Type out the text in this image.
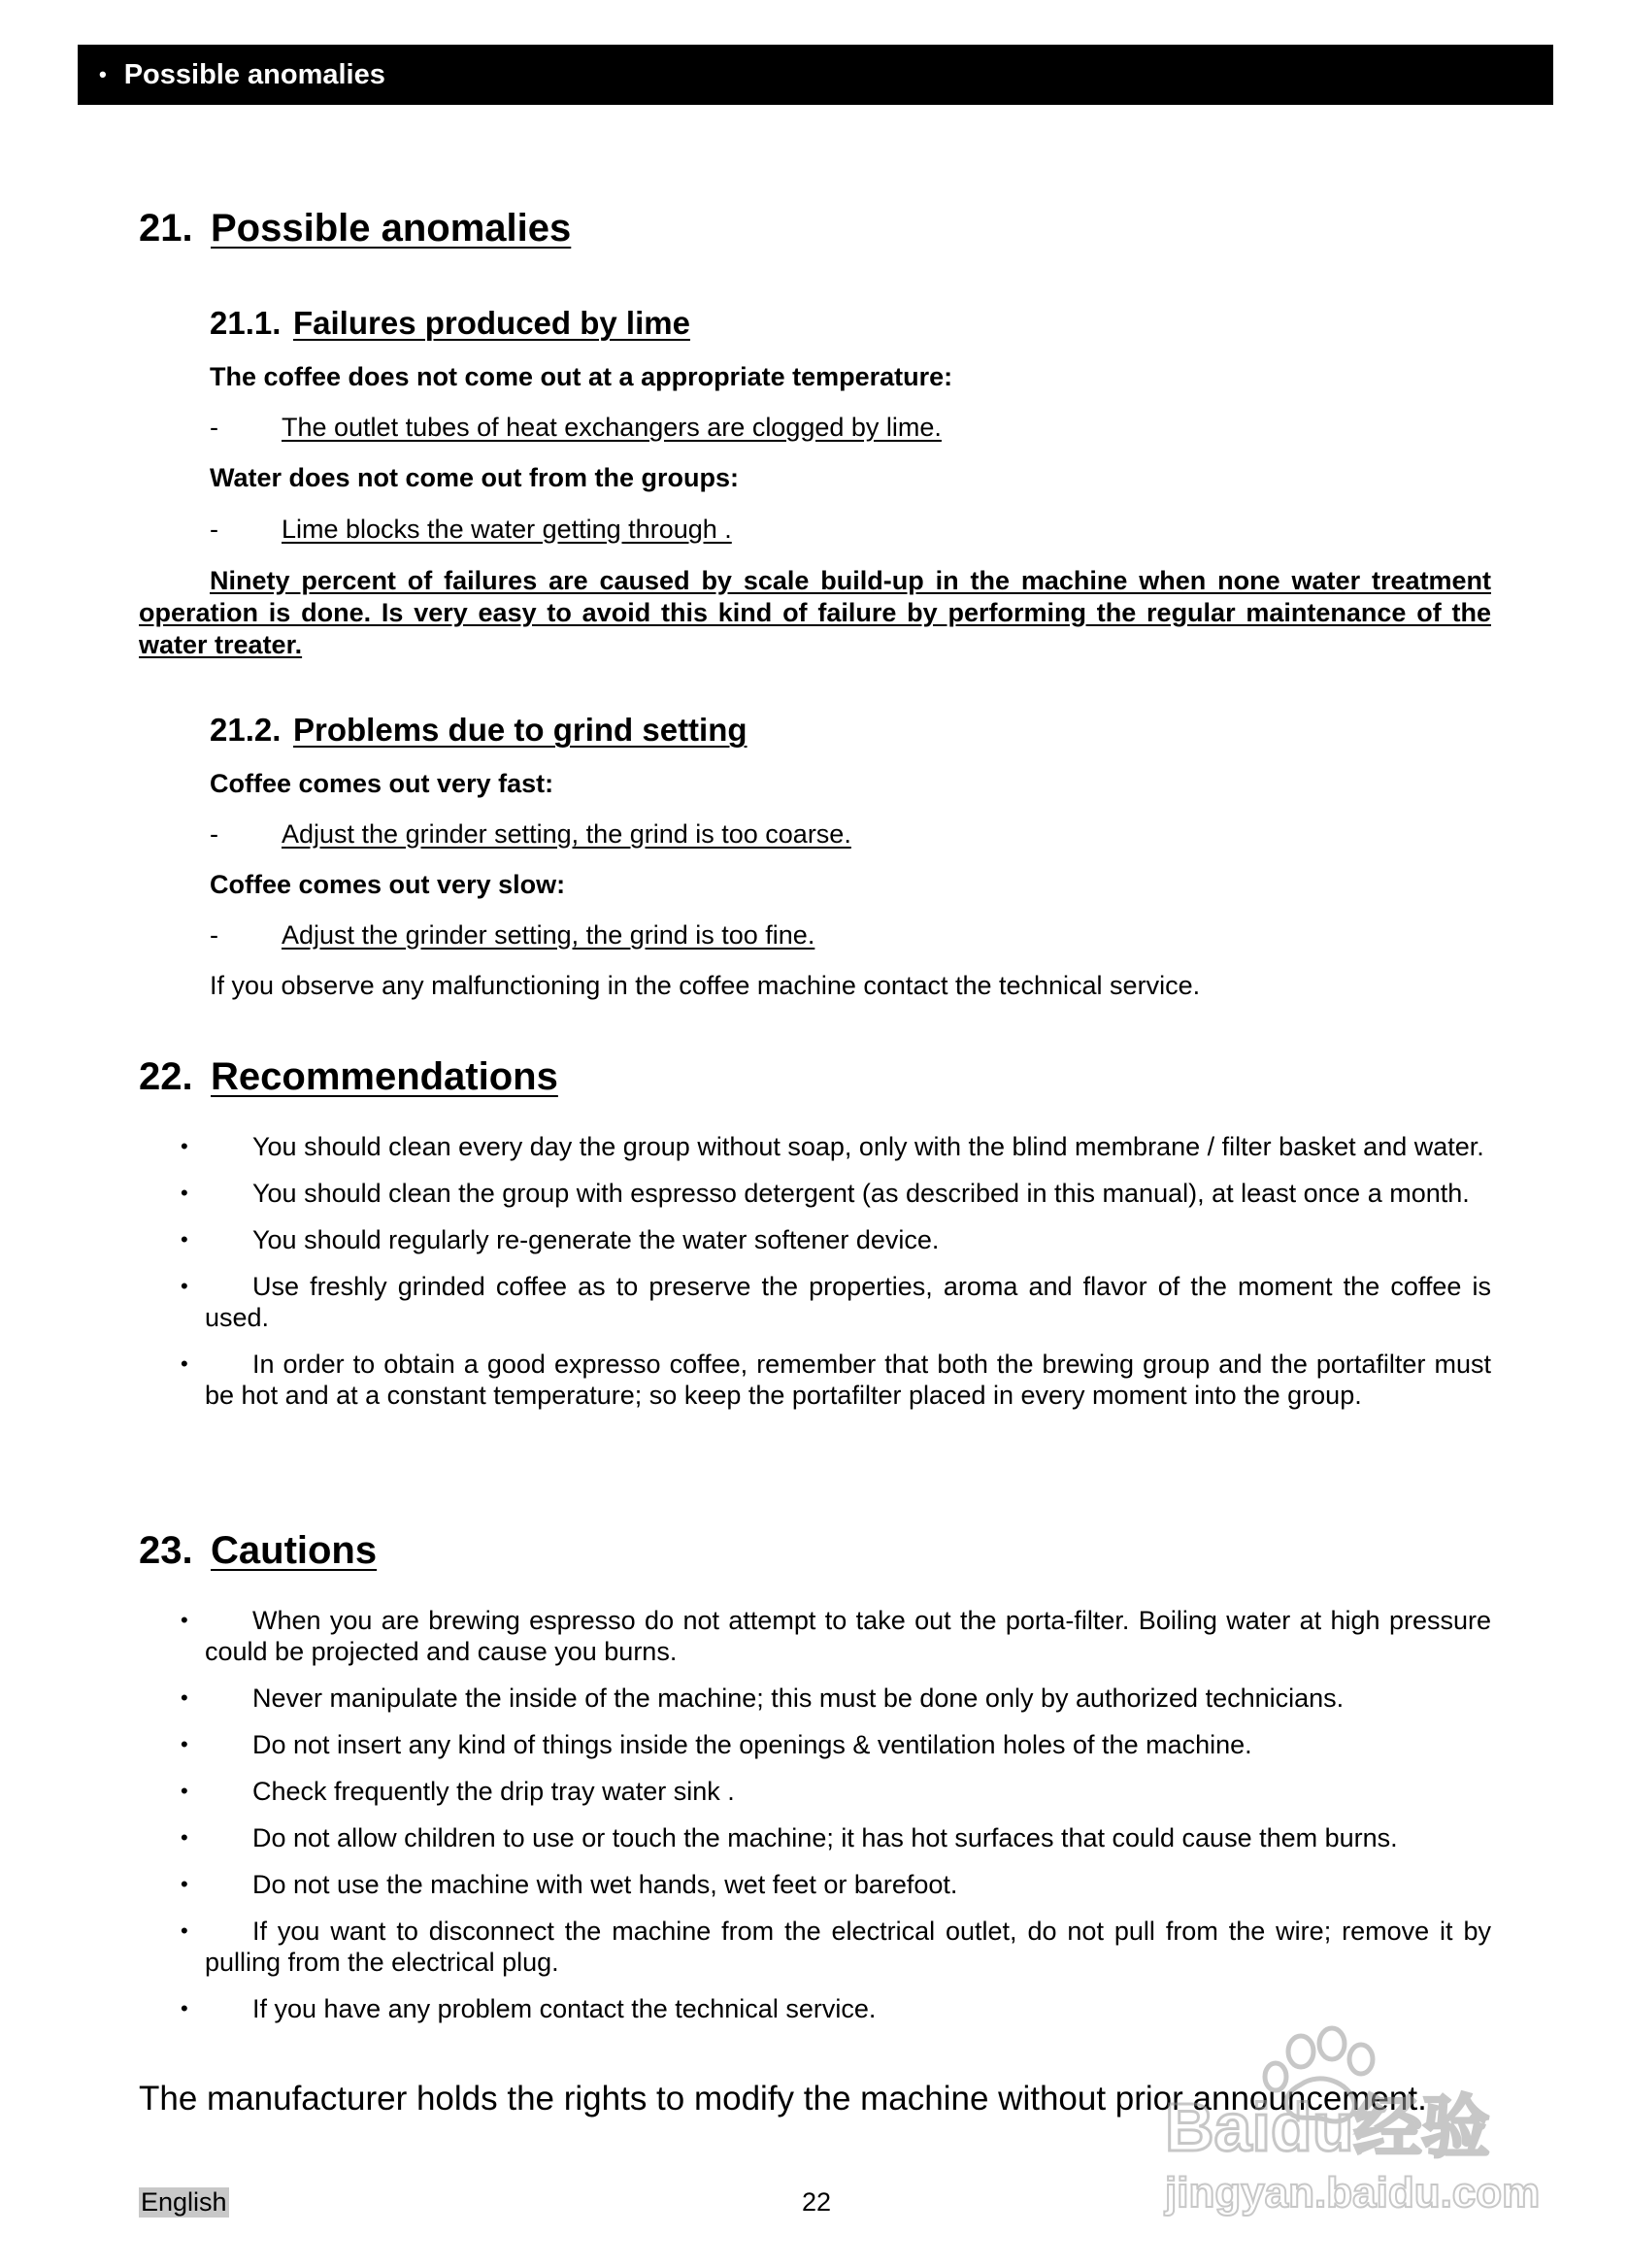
• Possible anomalies
21. Possible anomalies
21.1. Failures produced by lime
The coffee does not come out at a appropriate temperature:
- The outlet tubes of heat exchangers are clogged by lime.
Water does not come out from the groups:
- Lime blocks the water getting through .
Ninety percent of failures are caused by scale build-up in the machine when none water treatment operation is done. Is very easy to avoid this kind of failure by performing the regular maintenance of the water treater.
21.2. Problems due to grind setting
Coffee comes out very fast:
- Adjust the grinder setting, the grind is too coarse.
Coffee comes out very slow:
- Adjust the grinder setting, the grind is too fine.
If you observe any malfunctioning in the coffee machine contact the technical service.
22. Recommendations
• You should clean every day the group without soap, only with the blind membrane / filter basket and water.
• You should clean the group with espresso detergent (as described in this manual), at least once a month.
• You should regularly re-generate the water softener device.
• Use freshly grinded coffee as to preserve the properties, aroma and flavor of the moment the coffee is used.
• In order to obtain a good expresso coffee, remember that both the brewing group and the portafilter must be hot and at a constant temperature; so keep the portafilter placed in every moment into the group.
23. Cautions
• When you are brewing espresso do not attempt to take out the porta-filter. Boiling water at high pressure could be projected and cause you burns.
• Never manipulate the inside of the machine; this must be done only by authorized technicians.
• Do not insert any kind of things inside the openings & ventilation holes of the machine.
• Check frequently the drip tray water sink .
• Do not allow children to use or touch the machine; it has hot surfaces that could cause them burns.
• Do not use the machine with wet hands, wet feet or barefoot.
• If you want to disconnect the machine from the electrical outlet, do not pull from the wire; remove it by pulling from the electrical plug.
• If you have any problem contact the technical service.
The manufacturer holds the rights to modify the machine without prior announcement.
English	22
Baidu经验
jingyan.baidu.com
